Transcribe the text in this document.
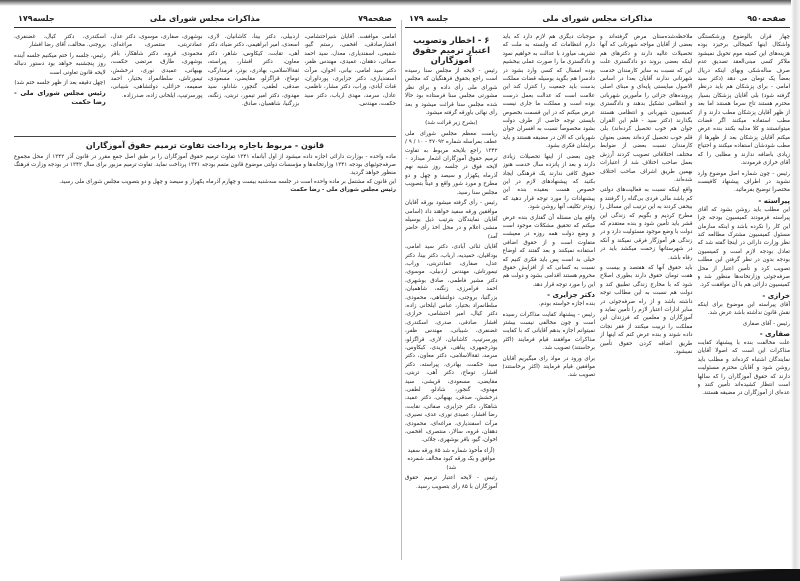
صفحه۷۹
مذاکرات مجلس شورای ملی
جلسه۱۷۹

امامی موافقت. آقایان شیراحتشامی، افشارصادقی، افخمی، رستم گیو، شفیعی، اسفندیاری، معدل، سید احمد صفائی، دهقان، عمیدی، مهندس ظفر، دکتر سید امامی، بیانی، اخوان، مرآت اسفندیاری، دکتر جزایری، پورداوران، قنات آبادی، وراب، دکتر مشار، ناظمی، عادل، سرمد، مهدی ارباب، دکتر سید حکمت، مهندس.

اردبیلی، دکتر بینا، کاشانیان، لاری، اسعدی، امیر ابراهیمی، دکتر ضیاء، دکتر آهی، تقابت، کیکاوس، شاهر، دکتر معاون، دکتر افشار، پیراسته، ثقةالاسلامی، بهادری، بوذر، فرمدارگی، توماج، قراگزلو، مقایضی، مسعودی، صدقی، لطفی، گنجور، شادلو، سید مهدوی، دکتر امیر تیمور، تربتی، زنگنه، بزرگنیا، شاهمیان، صادق.

بوشهری، صفاری، موسوی، دکتر عدل، عمادتربتی، منتصری، مراغه‌ای، محمودی، قروه، دکتر شاهکار، باقر بوشهری، طارق، مرتضی حکمت، بهبهانی، عمیدی نوری، درخشش، تیمورتاش، سلطانمراد بختیار، احمد صمیمه، خزائلی، دولتشاهی، شیبانی، پورسرتیپ، ایلخانی زاده، صدرزاده.

اسکندری، دکتر کیال، غضنفری، بروجنی. مخالف، آقای رضا افشار

رئیس، جلسه را ختم میکنیم جلسه آینده روز پنجشنبه خواهد بود دستور دنباله لایحه قانون تعاونی است

(چهل دقیقه بعد از ظهر جلسه ختم شد)

رئیس مجلس شورای ملی - رضا حکمت

قانون - مربوط باجازه پرداخت تفاوت ترمیم حقوق آموزگاران

ماده واحده - بوزارت دارائی اجازه داده میشود از اول آبانماه ۱۳۴۱ تفاوت ترمیم حقوق آموزگاران را بر طبق اصل جمع مقرر در قانون آذر ۱۳۴۲ از محل مجموع صرفه‌جوئیهای بودجه ۱۳۴۱ وزارتخانه‌ها و مؤسسات دولتی موضوع قانون متمم بودجه ۱۳۴۱ پرداخت نماید. تفاوت ترمیم مزبور برای سال ۱۳۴۲ در بودجه وزارت فرهنگ منظور خواهد گردید.

این قانون که مشتمل بر ماده واحده است در جلسه سه‌شنبه بیست و چهارم آذرماه یکهزار و سیصد و چهل و دو بتصویب مجلس شورای ملی رسید.

رئیس مجلس شورای ملی - رضا حکمت

صفحه۹۵۰
مذاکرات مجلس شورای ملی
جلسه ۱۷۹

چهار قران بالوضوع ورشکستگی واشکال اینها کمیجالی برخیزد بوده هزینه‌های این کمیته موم تحویل نمیشود ملاکر کسی مبنی‌العقد تصدیق عدم صرف ساله‌شکی وبهای اینکه دریال بعضاً یک تومان می دهد (دکتر سید امامی - برای پزشکان هم باید درنظر گرفته شود) بلی آقایان پزشکان بسیار محترم هستند تاج سرما هستند اما بعد از ظهر آقایان پزشکان مطب دارند و از مطب استفاده میکنند اگر قضات میتوانستند و کلا مدلیه بکنند بنده عرض میکنم آقایان پزشکان بعد از ظهرها از مطب شودشان استفاده میکنند و احتیاج زیادی باضافه ندارند و مطلبی را که آقای خرازی فرمودند.

رئیس - چون شماره اصل موضوع وارد نشوید در اطراف پیشنهاد کافیست مختصرا توضیح بفرمائید.

پیراسته -

این مطلب باید روشن بشود که آقای پیراسته فرمودند کمیسیون بودجه چرا این کار را نکرده باشد و اینکه سازمان مسئول کمیسیون مشترک مطالعه کند نظر وزارت دارائی در اینجا گفته شد که تعادل بودجه لازم است و کمیسیون بودجه بدون در نظر گرفتن این مطلب تصویب کرد و تأمین اعتبار از محل صرفه‌جوئی وزارتخانه‌ها منظور شد و کمیسیون دارائی هم با آن موافقت کرد.

خرازی -

آقای پیراسته این موضوع برای اینکه نقش قانون نداشته باشد عرض شد.

رئیس - آقای صفاری

صفاری -

علت مخالفت بنده با پیشنهاد کفایت مذاکرات این است که اصولا آقایان نمایندگان اشتباه کرده‌اند و مطلب باید روشن شود و آقایان محترم مسئولیت دارند که حقوق آموزگاران را که سالها است انتظار کشیده‌اند تأمین کنند و عده‌ای از آموزگاران در مضیقه هستند.

ملاحظه‌شده‌ستان مرض گرفته‌اند و بعضی از آقایان مواجه شهرتانی که آنها تحصیلات عالیه دارند و دکترهای هم اینکه بعضی بروند دو دادگستری علت این که نسبت به سایر کارمندان خدمت شهرتانی ندارند آقایان بعدا در اساس الاصول مبایستی پایه‌ای و مبنای اصلی پرونده‌های جزائی را مأمورین شهربانی و انتظامی تشکیل بدهند و دادگستری کمیسیون شهربانی و انتظامی هستند بگذارند (دکتر سید - قلم این القران جوان هم خوب تحصیل کرده‌اند) بلی قلم خوب تحصیل کرده‌اند بعضی بعنوان کارمندان نسبت بعضی از ضوابط مختلف اختلافاتی تصویب کردند آرزش بعمل صاحب اختلاف شد از اعتبارات بهمین طریق اشراف صاحب اختلاف شده‌اند.

واقع اینکه نسبت به فعالیت‌های دولتی کم باشد مالی فردی بی‌گناه را گرفتند و بیحقی کردند به این ترتیب این مسائل را مطرح کردیم و بگویم که زندگی این قشر باید تأمین شود و بنده معتقدم که دولت با وضع موجود مسئولیت دارد و در زندگی هر آموزگار فرقی نمیکند و آنکه در شهرستانها زحمت میکشد باید در رفاه باشد.

باید حقوق آنها که هفتصد و بیست و هفت تومان حقوق دارند بطوری اصلاح شود که با مخارج زندگی تطبیق کند و دولت هم نسبت به این مطالب توجه داشته باشد و از راه صرفه‌جوئی در سایر ادارات اعتبار لازم را تأمین نماید و آموزگاران و معلمین که فرزندان این مملکت را تربیت میکنند از فقر نجات داده شوند و بنده عرض کنم که اینها از طریق اضافه کردن حقوق تأمین نمیشود.

موجبات دیگری هم لازم دارد که باید دارم انتظامات که وابسته به ملت که تشریف میاورد با عدالت به خواهیم نمود و دادگستری ما را صورت عملی ببخشیم بوده امسال که کسی وارد بشود در دادسرا هم بگوید بوسیله قضات مملکت بدست باید جمعیت را کنترل کند این علامت است که عدالت بعمل درست بوده است و مملکت ما جاری نیست عرض میکنم که در این قسمت بخصوص بایستی توجه خاصی از طرف دولت بشود مخصوصاً نسبت به افسران جوان شهربانی که الان در مضیقه هستند و باید برایشان فکری بشود.

چون بعضی از اینها تحصیلات زیادی دارند و بعد از پانزده سال خدمت هنوز حقوق کافی ندارند یک فرهنگی ایجاد بکنید که پیشنهادهای لازم در این خصوص هست بعقیده بنده این پیشنهادات را مورد توجه قرار دهید که زودتر تکلیف آنها روشن شود.

واقع بیان مسئله آن گفتاری بنده عرض میکنم که تحقیق مشکلات موجود است و وضع دولت همه روزه در معیشت متفاوت است و از حقوق اضافی استفاده نمیکنند و بعد گفتند که اوضاع خیلی بد است پس باید فکری کنیم که نسبت به کسانی که از افزایش حقوق محروم هستند اقدامی بشود و دولت هم این را مورد توجه قرار دهد.

دکتر جزایری -

بنده اجازه خواسته بودم.

رئیس - پیشنهاد کفایت مذاکرات رسیده است و چون مخالفی نیست بیشتر نمیتوانم اجازه بدهم آقایانی که با کفایت مذاکرات موافقند قیام فرمایند (اکثر برخاستند) تصویب شد.

برای ورود در مواد رای میگیریم آقایان موافقین قیام فرمایند (اکثر برخاستند) تصویب شد.

۶ - اخطار وتصویب اعتبار ترمیم حقوق آموزگاران

رئیس - لایحه از مجلس سنا رسیده است راجع بحقوق فرهنگیان که مجلس شورای ملی رأی داده و برای نظر مشورتی مجلس سنا فرستاده بود حالا شده مجلس سنا قرائت میشود و بعد رأی نهائی باورقه گرفته میشود.

(بشرح زیر قرائت شد)

ریاست معظم مجلس شورای ملی عطف بمراسله شماره ۴۷۰۹۲ - ۱۰ / ۹ / ۱۳۴۲ راجع بلایحه مربوط به تفاوت ترمیم حقوق آموزگاران اشعار میدارد ۰ لایحه فوق در جلسه روز شنبه نهم آذرماه یکهزار و سیصد و چهل و دو مطرح و مورد شور واقع و عیناً بتصویب مجلس سنا رسید.

رئیس - رأی گرفته میشود بورقه آقایان موافقین ورقه سفید خواهند داد (اسامی آقایان نمایندگان بترتیب ذیل بوسیله منشی اعلام و در محل اخذ رأی حاضر آمد)

آقایان ثنائی آبادی، دکتر سید امامی، بوداقیان، حمیدیه، ارباب، دکتر بینا، دکتر عدل، صفاری، عمادتربتی، وراب، تیمورتاش، مهندس اردبیلی، موسوی، دکتر مشیر فاطمی، صادق بوشهری، احمد فرامرزی، زنگنه، شاهمیان، بزرگنیا، بروجنی، دولتشاهی، محمودی، سلطانمراد بختیار، عباس ایلخانی زاده، دکتر کیال، امیر احتشامی، خرازی، افشار صادقی، صدری، اسکندری، غضنفری، شیبانی، مهندس ظفر، پورسرتیپ، کاشانیان، لاری، قراگزلو، بوذرجمهری، پناهی، فریدی، کیکاوس، سرمد، ثقةالاسلامی، دکتر معاون، دکتر سید حکمت، بهادری، پیراسته، دکتر افشار، توماج، دکتر آهی، تربتی، مقایضی، مسعودی، قریشی، سید مهدوی، گنجور، شادلو، لطفی، درخشش، صدقی، بهبهانی، دکتر عمید، شاهکار، دکتر جزایری، صفائی، نقابت، رضا افشار، عمیدی نوری، عدی، نصیری، مرآت اسفندیاری، مراغه‌ای، محمودی، دهقان، قروه، سالار، منتصری، افخمی، اخوان، گیو، باقر بوشهری، جلائی.

(آراء مأخوذ شماره شد ۸۵ ورقه سفید موافق و یک ورقه کبود مخالف شمرده شد)

رئیس - لایحه اعتبار ترمیم حقوق آموزگاران با ۸۵ رأی بتصویب رسید.
